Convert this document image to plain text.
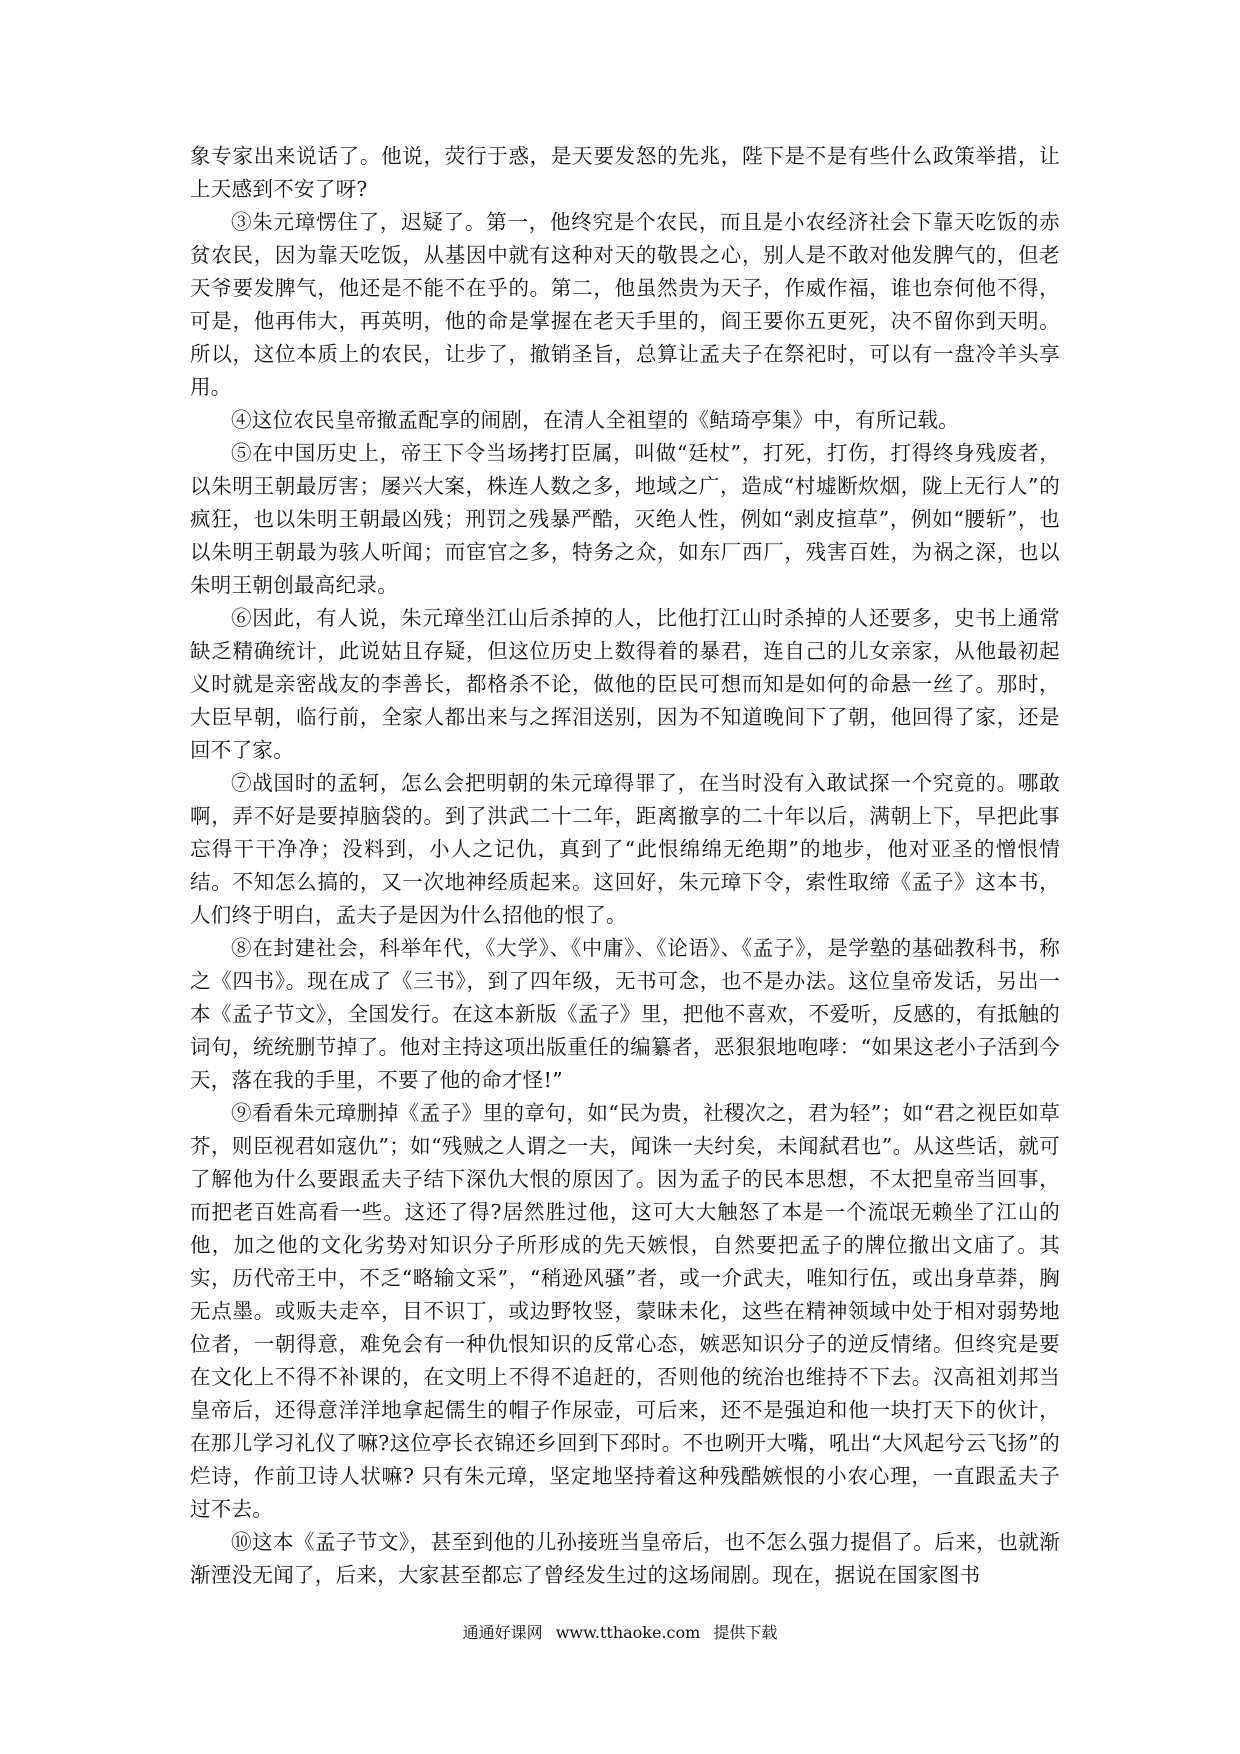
象专家出来说话了。他说，荧行于惑，是天要发怒的先兆，陛下是不是有些什么政策举措，让上天感到不安了呀?

③朱元璋愣住了，迟疑了。第一，他终究是个农民，而且是小农经济社会下靠天吃饭的赤贫农民，因为靠天吃饭，从基因中就有这种对天的敬畏之心，别人是不敢对他发脾气的，但老天爷要发脾气，他还是不能不在乎的。第二，他虽然贵为天子，作威作福，谁也奈何他不得，可是，他再伟大，再英明，他的命是掌握在老天手里的，阎王要你五更死，决不留你到天明。所以，这位本质上的农民，让步了，撤销圣旨，总算让孟夫子在祭祀时，可以有一盘冷羊头享用。

④这位农民皇帝撤孟配享的闹剧，在清人全祖望的《鲒琦亭集》中，有所记载。

⑤在中国历史上，帝王下令当场拷打臣属，叫做“廷杖”，打死，打伤，打得终身残废者，以朱明王朝最厉害；屡兴大案，株连人数之多，地域之广，造成“村墟断炊烟，陇上无行人”的疯狂，也以朱明王朝最凶残；刑罚之残暴严酷，灭绝人性，例如“剥皮揎草”，例如“腰斩”，也以朱明王朝最为骇人听闻；而宦官之多，特务之众，如东厂西厂，残害百姓，为祸之深，也以朱明王朝创最高纪录。

⑥因此，有人说，朱元璋坐江山后杀掉的人，比他打江山时杀掉的人还要多，史书上通常缺乏精确统计，此说姑且存疑，但这位历史上数得着的暴君，连自己的儿女亲家，从他最初起义时就是亲密战友的李善长，都格杀不论，做他的臣民可想而知是如何的命悬一丝了。那时，大臣早朝，临行前，全家人都出来与之挥泪送别，因为不知道晚间下了朝，他回得了家，还是回不了家。

⑦战国时的孟轲，怎么会把明朝的朱元璋得罪了，在当时没有入敢试探一个究竟的。哪敢啊，弄不好是要掉脑袋的。到了洪武二十二年，距离撤享的二十年以后，满朝上下，早把此事忘得干干净净；没料到，小人之记仇，真到了“此恨绵绵无绝期”的地步，他对亚圣的憎恨情结。不知怎么搞的，又一次地神经质起来。这回好，朱元璋下令，索性取缔《孟子》这本书，人们终于明白，孟夫子是因为什么招他的恨了。

⑧在封建社会，科举年代，《大学》、《中庸》、《论语》、《孟子》，是学塾的基础教科书，称之《四书》。现在成了《三书》，到了四年级，无书可念，也不是办法。这位皇帝发话，另出一本《孟子节文》，全国发行。在这本新版《孟子》里，把他不喜欢，不爱听，反感的，有抵触的词句，统统删节掉了。他对主持这项出版重任的编纂者，恶狠狠地咆哮：“如果这老小子活到今天，落在我的手里，不要了他的命才怪!”

⑨看看朱元璋删掉《孟子》里的章句，如“民为贵，社稷次之，君为轻”；如“君之视臣如草芥，则臣视君如寇仇”；如“残贼之人谓之一夫，闻诛一夫纣矣，未闻弑君也”。从这些话，就可了解他为什么要跟孟夫子结下深仇大恨的原因了。因为孟子的民本思想，不太把皇帝当回事，而把老百姓高看一些。这还了得?居然胜过他，这可大大触怒了本是一个流氓无赖坐了江山的他，加之他的文化劣势对知识分子所形成的先天嫉恨，自然要把孟子的牌位撤出文庙了。其实，历代帝王中，不乏“略输文采”，“稍逊风骚”者，或一介武夫，唯知行伍，或出身草莽，胸无点墨。或贩夫走卒，目不识丁，或边野牧竖，蒙昧未化，这些在精神领域中处于相对弱势地位者，一朝得意，难免会有一种仇恨知识的反常心态，嫉恶知识分子的逆反情绪。但终究是要在文化上不得不补课的，在文明上不得不追赶的，否则他的统治也维持不下去。汉高祖刘邦当皇帝后，还得意洋洋地拿起儒生的帽子作尿壶，可后来，还不是强迫和他一块打天下的伙计，在那儿学习礼仪了嘛?这位亭长衣锦还乡回到下邳时。不也咧开大嘴，吼出“大风起兮云飞扬”的烂诗，作前卫诗人状嘛? 只有朱元璋，坚定地坚持着这种残酷嫉恨的小农心理，一直跟孟夫子过不去。

⑩这本《孟子节文》，甚至到他的儿孙接班当皇帝后，也不怎么强力提倡了。后来，也就渐渐湮没无闻了，后来，大家甚至都忘了曾经发生过的这场闹剧。现在，据说在国家图书

通通好课网 www.tthaoke.com 提供下载
